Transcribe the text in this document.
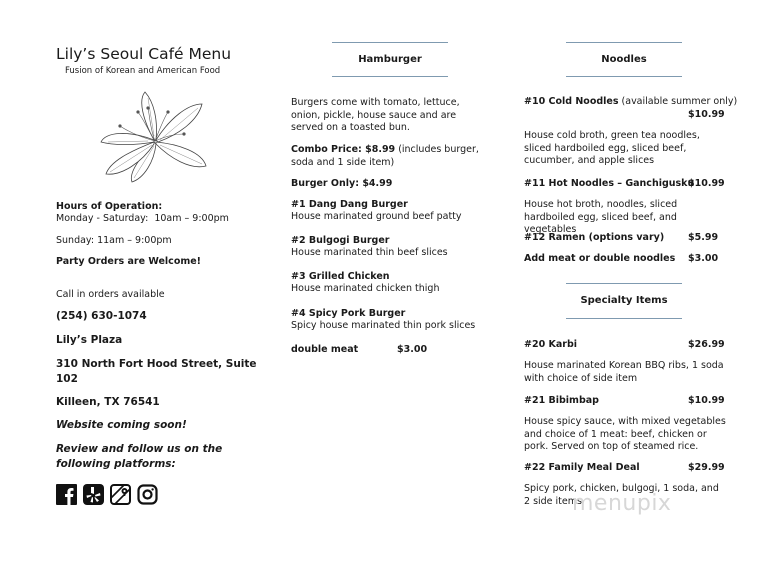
Lily’s Seoul Café Menu
Fusion of Korean and American Food
Hours of Operation:
Monday - Saturday:  10am – 9:00pm
Sunday: 11am – 9:00pm
Party Orders are Welcome!
Call in orders available
(254) 630-1074
Lily’s Plaza
310 North Fort Hood Street, Suite
102
Killeen, TX 76541
Website coming soon!
Review and follow us on the
following platforms:
Hamburger
Burgers come with tomato, lettuce, onion, pickle, house sauce and are served on a toasted bun.
Combo Price: $8.99 (includes burger, soda and 1 side item)
Burger Only: $4.99
#1 Dang Dang Burger
House marinated ground beef patty
#2 Bulgogi Burger
House marinated thin beef slices
#3 Grilled Chicken
House marinated chicken thigh
#4 Spicy Pork Burger
Spicy house marinated thin pork slices
double meat	$3.00
Noodles
#10 Cold Noodles (available summer only)
$10.99
House cold broth, green tea noodles, sliced hardboiled egg, sliced beef, cucumber, and apple slices
#11 Hot Noodles – Ganchigusku
$10.99
House hot broth, noodles, sliced hardboiled egg, sliced beef, and vegetables
#12 Ramen (options vary)	$5.99
Add meat or double noodles $3.00
Specialty Items
#20 Karbi	$26.99
House marinated Korean BBQ ribs, 1 soda with choice of side item
#21 Bibimbap	$10.99
House spicy sauce, with mixed vegetables and choice of 1 meat: beef, chicken or pork. Served on top of steamed rice.
#22 Family Meal Deal	$29.99
Spicy pork, chicken, bulgogi, 1 soda, and 2 side items
menupix
